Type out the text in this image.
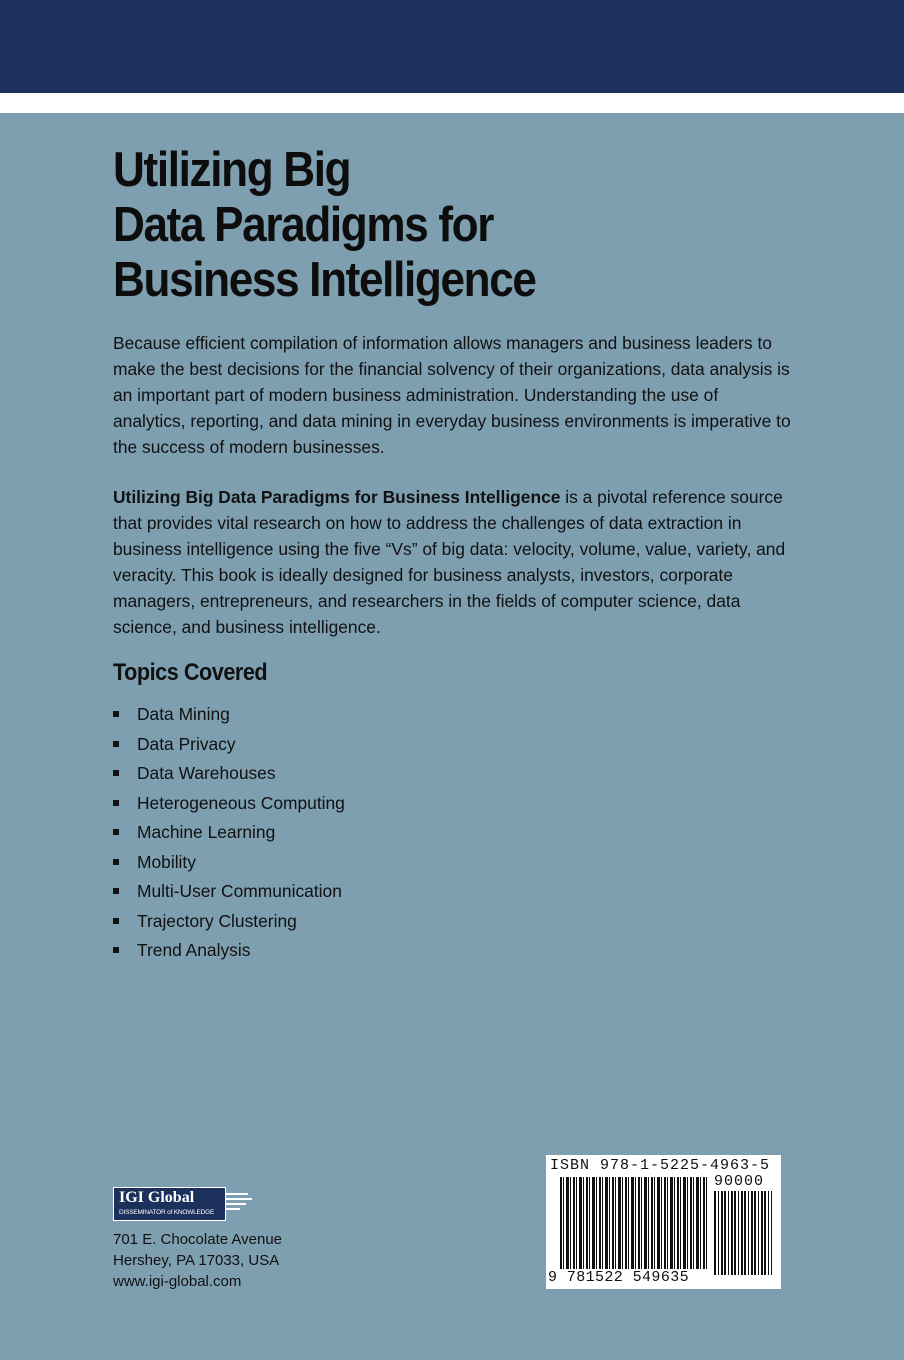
Utilizing Big
Data Paradigms for
Business Intelligence
Because efficient compilation of information allows managers and business leaders to make the best decisions for the financial solvency of their organizations, data analysis is an important part of modern business administration. Understanding the use of analytics, reporting, and data mining in everyday business environments is imperative to the success of modern businesses.
Utilizing Big Data Paradigms for Business Intelligence is a pivotal reference source that provides vital research on how to address the challenges of data extraction in business intelligence using the five “Vs” of big data: velocity, volume, value, variety, and veracity. This book is ideally designed for business analysts, investors, corporate managers, entrepreneurs, and researchers in the fields of computer science, data science, and business intelligence.
Topics Covered
Data Mining
Data Privacy
Data Warehouses
Heterogeneous Computing
Machine Learning
Mobility
Multi-User Communication
Trajectory Clustering
Trend Analysis
IGI Global
DISSEMINATOR of KNOWLEDGE
701 E. Chocolate Avenue
Hershey, PA 17033, USA
www.igi-global.com
ISBN 978-1-5225-4963-5
90000
9 781522 549635
